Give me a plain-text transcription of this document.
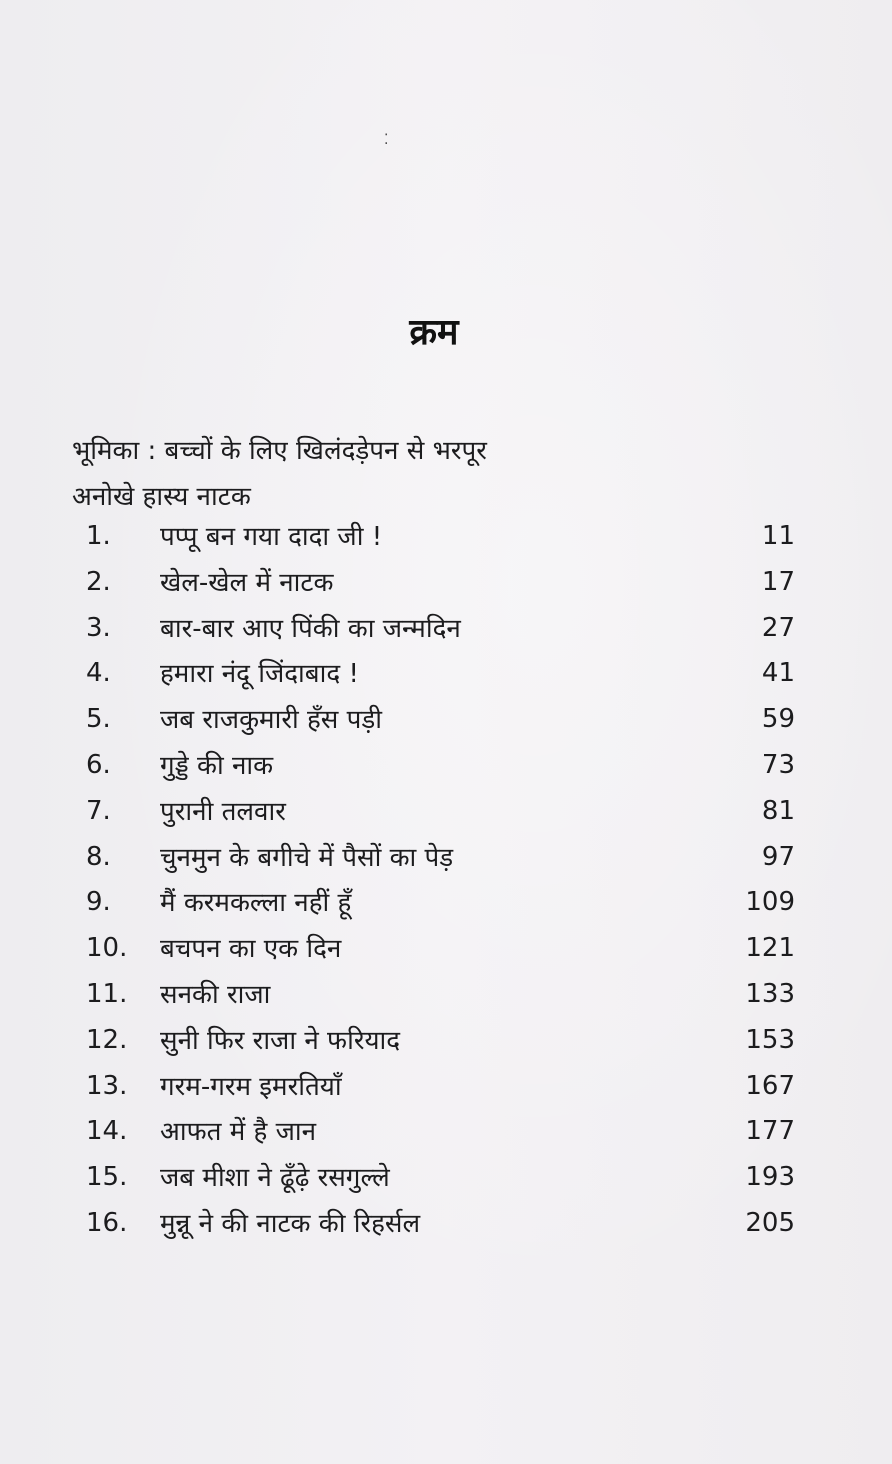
⁚
क्रम
भूमिका : बच्चों के लिए खिलंदड़ेपन से भरपूर
अनोखे हास्य नाटक
1.	पप्पू बन गया दादा जी !	11
2.	खेल-खेल में नाटक	17
3.	बार-बार आए पिंकी का जन्मदिन	27
4.	हमारा नंदू जिंदाबाद !	41
5.	जब राजकुमारी हँस पड़ी	59
6.	गुड्डे की नाक	73
7.	पुरानी तलवार	81
8.	चुनमुन के बगीचे में पैसों का पेड़	97
9.	मैं करमकल्ला नहीं हूँ	109
10.	बचपन का एक दिन	121
11.	सनकी राजा	133
12.	सुनी फिर राजा ने फरियाद	153
13.	गरम-गरम इमरतियाँ	167
14.	आफत में है जान	177
15.	जब मीशा ने ढूँढ़े रसगुल्ले	193
16.	मुन्नू ने की नाटक की रिहर्सल	205
